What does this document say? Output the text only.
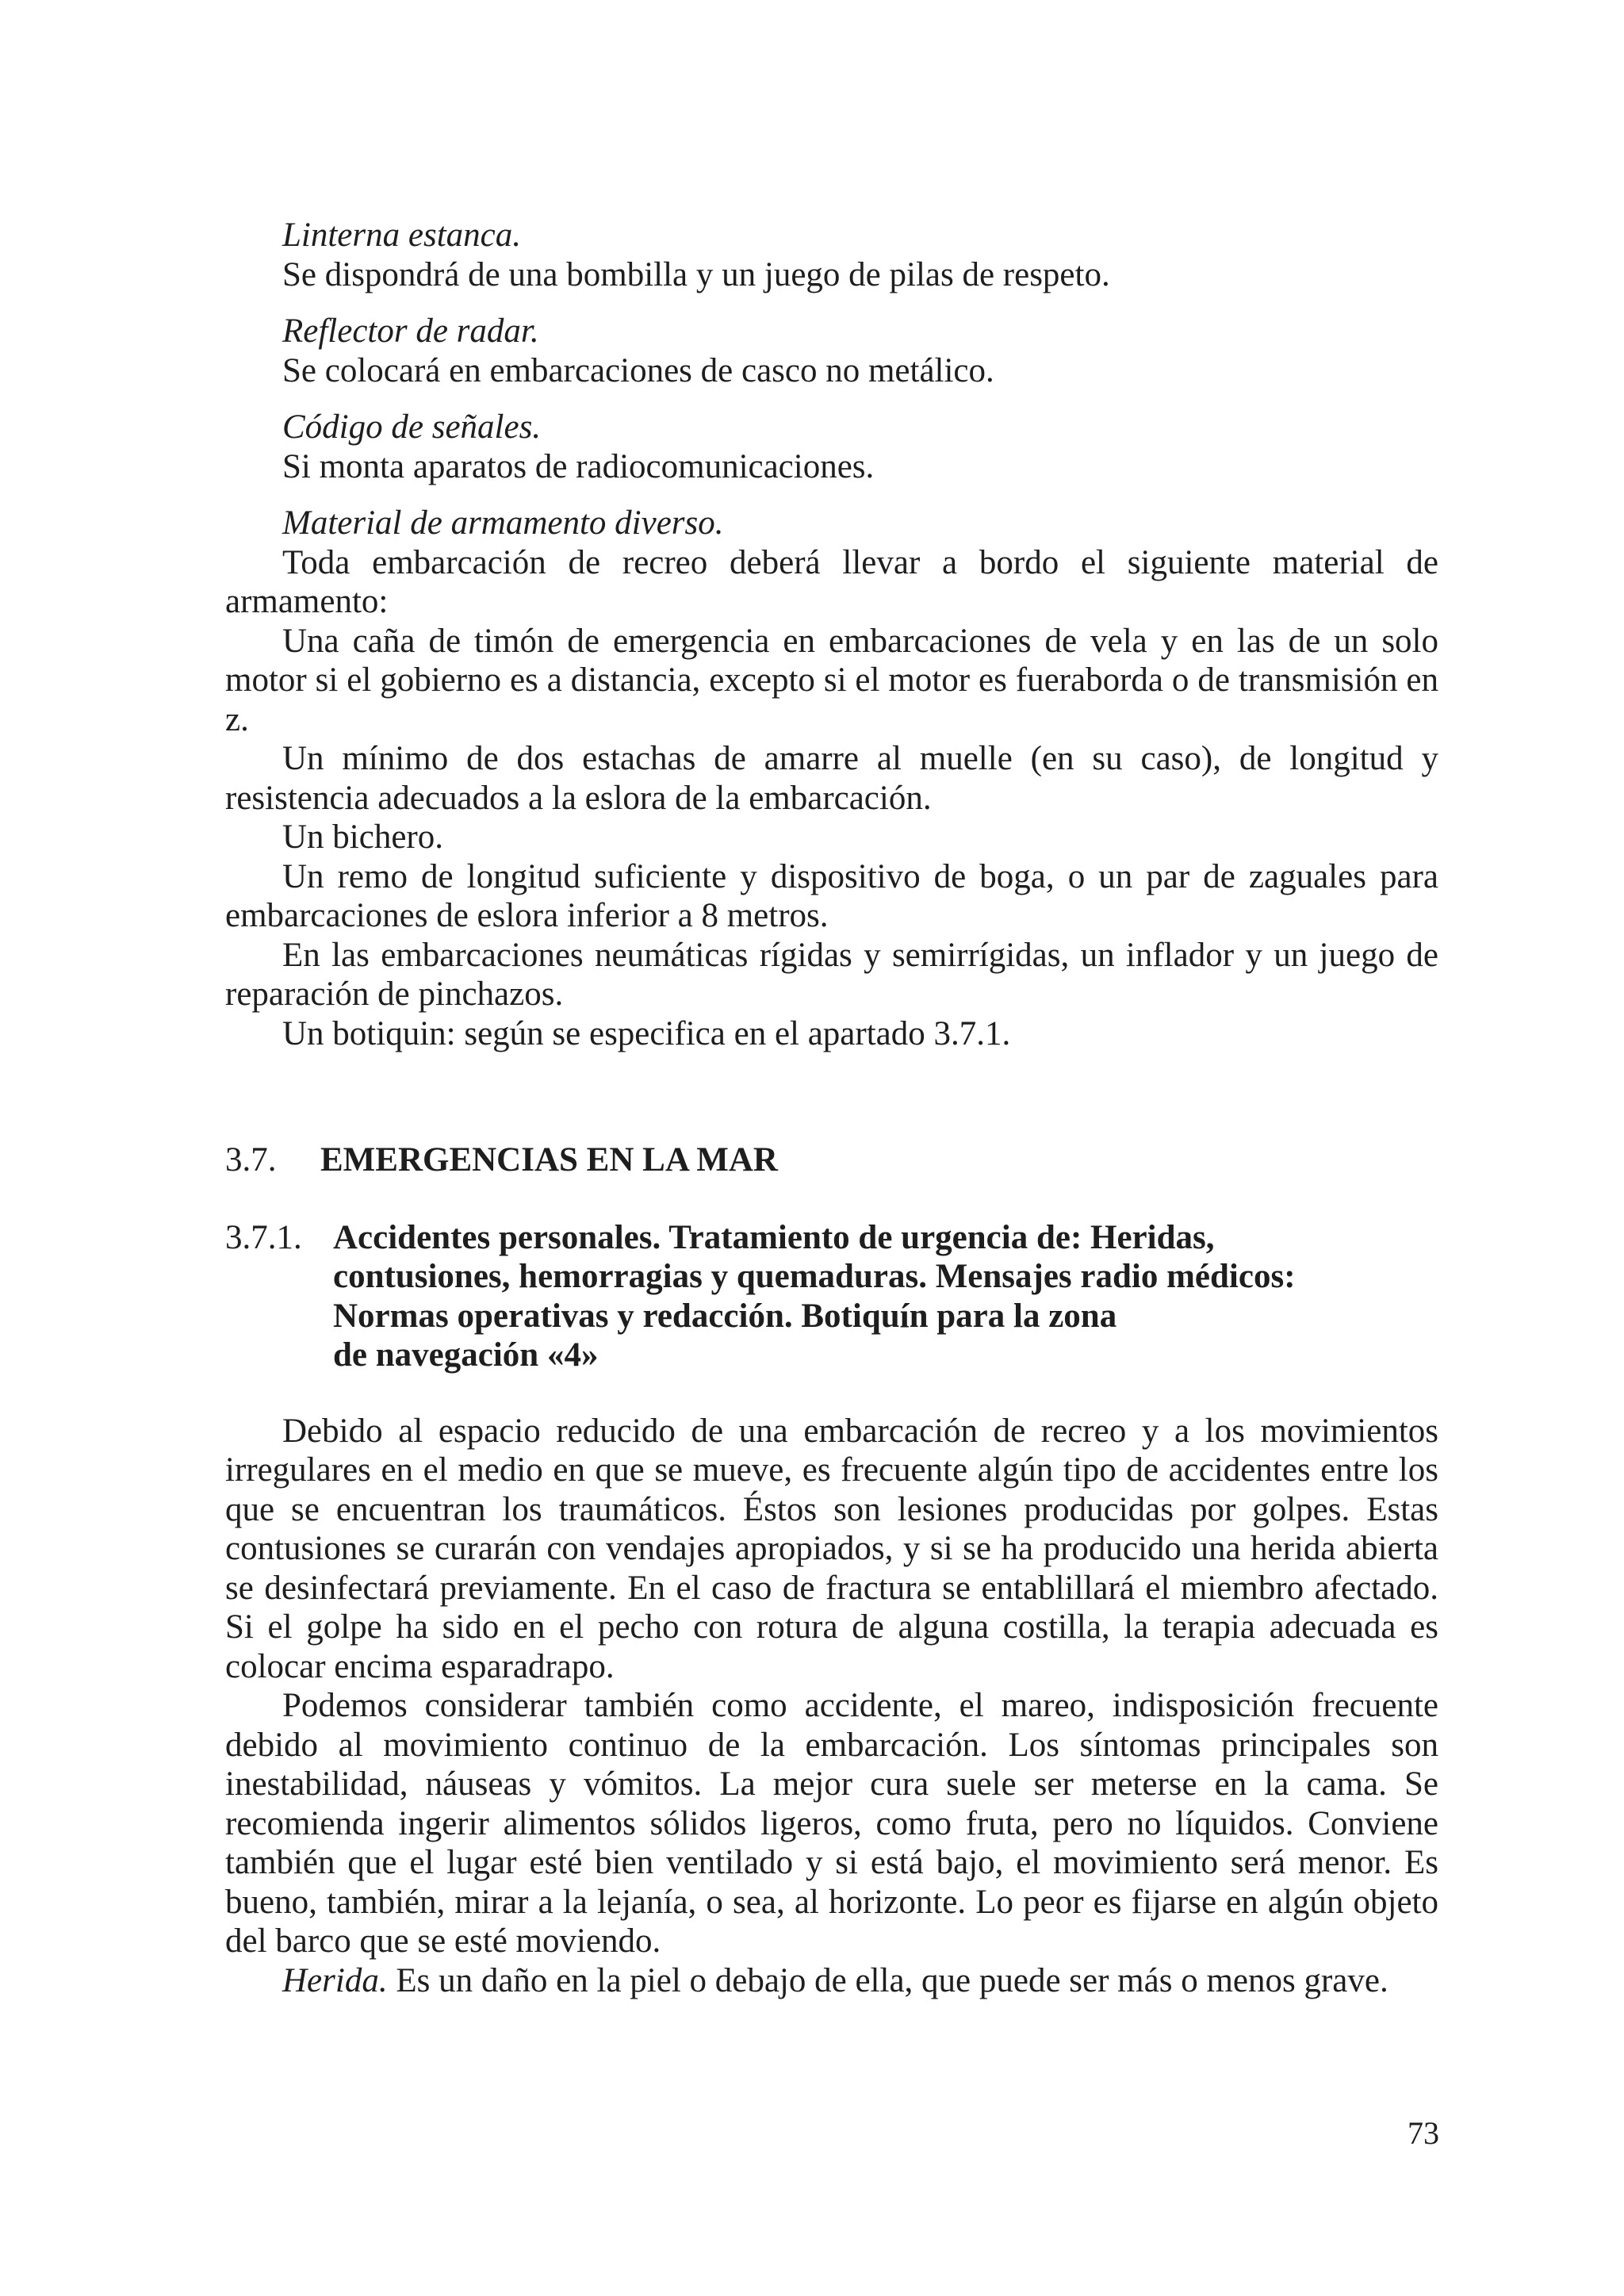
Linterna estanca.

Se dispondrá de una bombilla y un juego de pilas de respeto.

Reflector de radar.

Se colocará en embarcaciones de casco no metálico.

Código de señales.

Si monta aparatos de radiocomunicaciones.

Material de armamento diverso.

Toda embarcación de recreo deberá llevar a bordo el siguiente material de armamento:

Una caña de timón de emergencia en embarcaciones de vela y en las de un solo motor si el gobierno es a distancia, excepto si el motor es fueraborda o de transmisión en z.

Un mínimo de dos estachas de amarre al muelle (en su caso), de longitud y resistencia adecuados a la eslora de la embarcación.

Un bichero.

Un remo de longitud suficiente y dispositivo de boga, o un par de zaguales para embarcaciones de eslora inferior a 8 metros.

En las embarcaciones neumáticas rígidas y semirrígidas, un inflador y un juego de reparación de pinchazos.

Un botiquin: según se especifica en el apartado 3.7.1.

3.7.	EMERGENCIAS EN LA MAR
3.7.1. Accidentes personales. Tratamiento de urgencia de: Heridas,
contusiones, hemorragias y quemaduras. Mensajes radio médicos:
Normas operativas y redacción. Botiquín para la zona
de navegación «4»

Debido al espacio reducido de una embarcación de recreo y a los movimientos irregulares en el medio en que se mueve, es frecuente algún tipo de accidentes entre los que se encuentran los traumáticos. Éstos son lesiones producidas por golpes. Estas contusiones se curarán con vendajes apropiados, y si se ha producido una herida abierta se desinfectará previamente. En el caso de fractura se entablillará el miembro afectado. Si el golpe ha sido en el pecho con rotura de alguna costilla, la terapia adecuada es colocar encima esparadrapo.

Podemos considerar también como accidente, el mareo, indisposición frecuente debido al movimiento continuo de la embarcación. Los síntomas principales son inestabilidad, náuseas y vómitos. La mejor cura suele ser meterse en la cama. Se recomienda ingerir alimentos sólidos ligeros, como fruta, pero no líquidos. Conviene también que el lugar esté bien ventilado y si está bajo, el movimiento será menor. Es bueno, también, mirar a la lejanía, o sea, al horizonte. Lo peor es fijarse en algún objeto del barco que se esté moviendo.

Herida. Es un daño en la piel o debajo de ella, que puede ser más o menos grave.

73
